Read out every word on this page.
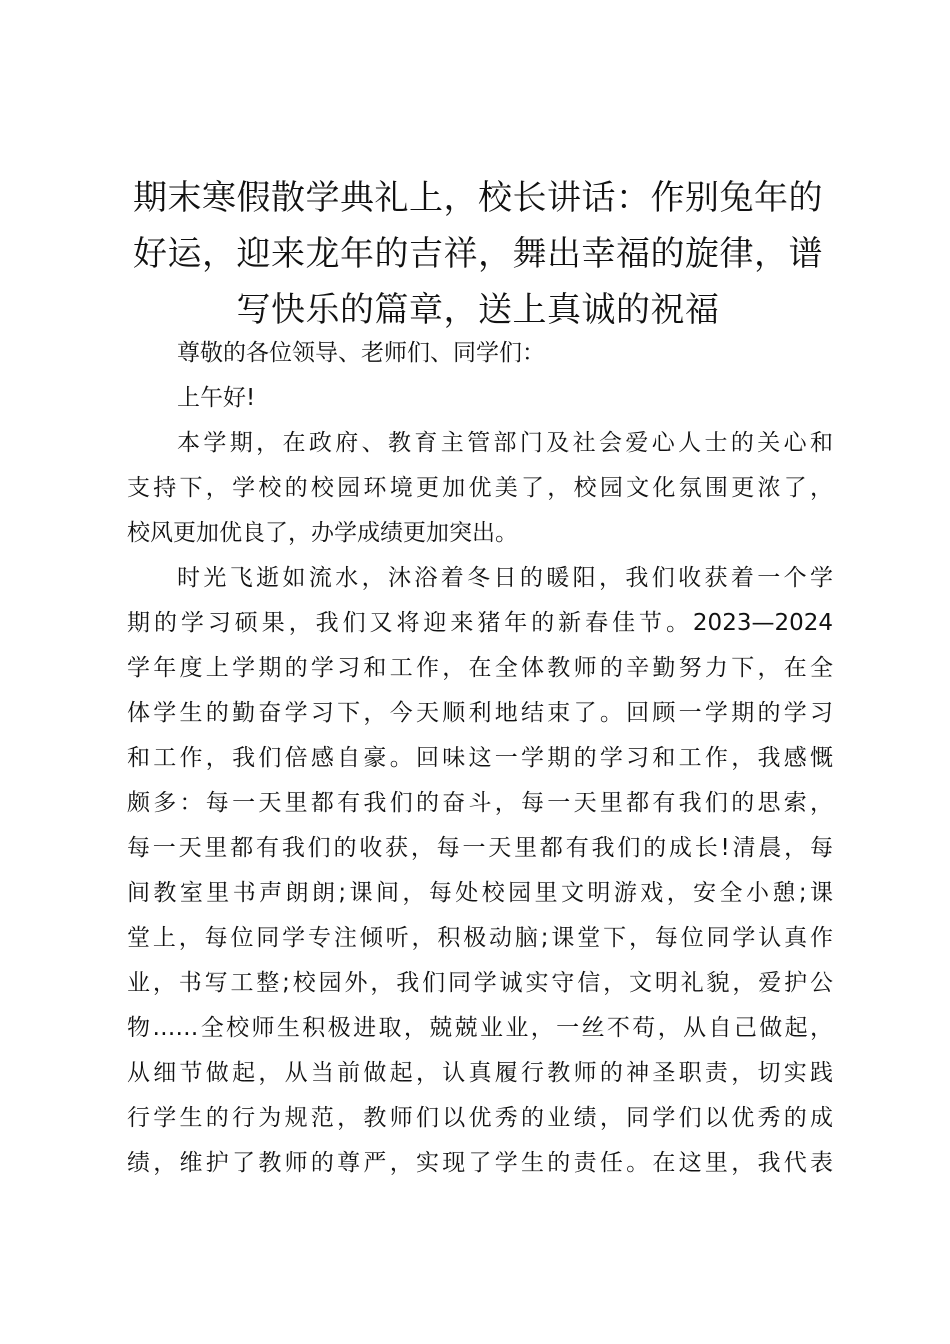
期末寒假散学典礼上，校长讲话：作别兔年的
好运，迎来龙年的吉祥，舞出幸福的旋律，谱
写快乐的篇章，送上真诚的祝福
尊敬的各位领导、老师们、同学们：
上午好!
本学期，在政府、教育主管部门及社会爱心人士的关心和
支持下，学校的校园环境更加优美了，校园文化氛围更浓了，
校风更加优良了，办学成绩更加突出。
时光飞逝如流水，沐浴着冬日的暖阳，我们收获着一个学
期的学习硕果，我们又将迎来猪年的新春佳节。2023—2024
学年度上学期的学习和工作，在全体教师的辛勤努力下，在全
体学生的勤奋学习下，今天顺利地结束了。回顾一学期的学习
和工作，我们倍感自豪。回味这一学期的学习和工作，我感慨
颇多：每一天里都有我们的奋斗，每一天里都有我们的思索，
每一天里都有我们的收获，每一天里都有我们的成长!清晨，每
间教室里书声朗朗;课间，每处校园里文明游戏，安全小憩;课
堂上，每位同学专注倾听，积极动脑;课堂下，每位同学认真作
业，书写工整;校园外，我们同学诚实守信，文明礼貌，爱护公
物……全校师生积极进取，兢兢业业，一丝不苟，从自己做起，
从细节做起，从当前做起，认真履行教师的神圣职责，切实践
行学生的行为规范，教师们以优秀的业绩，同学们以优秀的成
绩，维护了教师的尊严，实现了学生的责任。在这里，我代表
